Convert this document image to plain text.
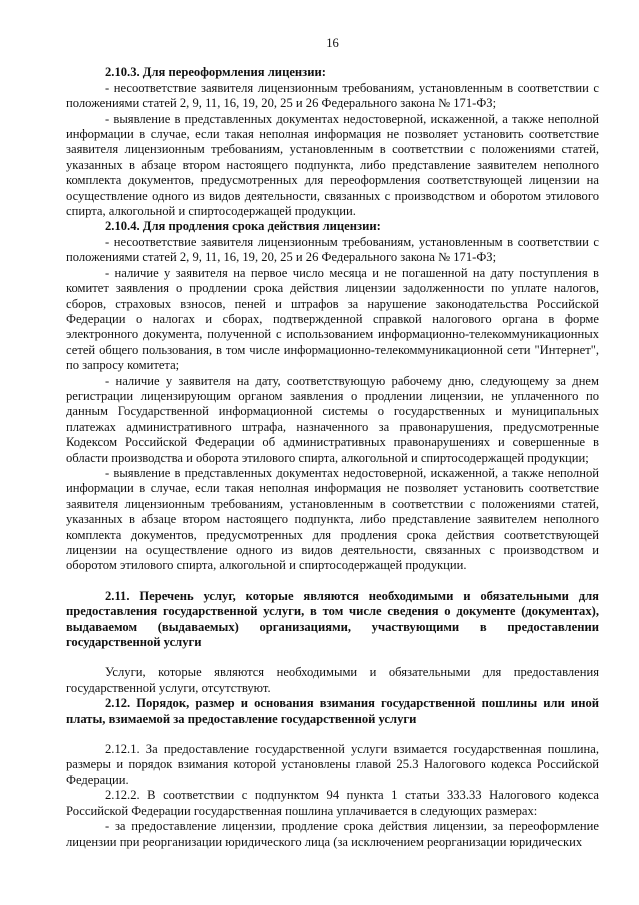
16

2.10.3. Для переоформления лицензии:

- несоответствие заявителя лицензионным требованиям, установленным в соответствии с положениями статей 2, 9, 11, 16, 19, 20, 25 и 26 Федерального закона № 171-ФЗ;

- выявление в представленных документах недостоверной, искаженной, а также неполной информации в случае, если такая неполная информация не позволяет установить соответствие заявителя лицензионным требованиям, установленным в соответствии с положениями статей, указанных в абзаце втором настоящего подпункта, либо представление заявителем неполного комплекта документов, предусмотренных для переоформления соответствующей лицензии на осуществление одного из видов деятельности, связанных с производством и оборотом этилового спирта, алкогольной и спиртосодержащей продукции.

2.10.4. Для продления срока действия лицензии:

- несоответствие заявителя лицензионным требованиям, установленным в соответствии с положениями статей 2, 9, 11, 16, 19, 20, 25 и 26 Федерального закона № 171-ФЗ;

- наличие у заявителя на первое число месяца и не погашенной на дату поступления в комитет заявления о продлении срока действия лицензии задолженности по уплате налогов, сборов, страховых взносов, пеней и штрафов за нарушение законодательства Российской Федерации о налогах и сборах, подтвержденной справкой налогового органа в форме электронного документа, полученной с использованием информационно-телекоммуникационных сетей общего пользования, в том числе информационно-телекоммуникационной сети "Интернет", по запросу комитета;

- наличие у заявителя на дату, соответствующую рабочему дню, следующему за днем регистрации лицензирующим органом заявления о продлении лицензии, не уплаченного по данным Государственной информационной системы о государственных и муниципальных платежах административного штрафа, назначенного за правонарушения, предусмотренные Кодексом Российской Федерации об административных правонарушениях и совершенные в области производства и оборота этилового спирта, алкогольной и спиртосодержащей продукции;

- выявление в представленных документах недостоверной, искаженной, а также неполной информации в случае, если такая неполная информация не позволяет установить соответствие заявителя лицензионным требованиям, установленным в соответствии с положениями статей, указанных в абзаце втором настоящего подпункта, либо представление заявителем неполного комплекта документов, предусмотренных для продления срока действия соответствующей лицензии на осуществление одного из видов деятельности, связанных с производством и оборотом этилового спирта, алкогольной и спиртосодержащей продукции.

2.11. Перечень услуг, которые являются необходимыми и обязательными для предоставления государственной услуги, в том числе сведения о документе (документах), выдаваемом (выдаваемых) организациями, участвующими в предоставлении государственной услуги

Услуги, которые являются необходимыми и обязательными для предоставления государственной услуги, отсутствуют.

2.12. Порядок, размер и основания взимания государственной пошлины или иной платы, взимаемой за предоставление государственной услуги

2.12.1. За предоставление государственной услуги взимается государственная пошлина, размеры и порядок взимания которой установлены главой 25.3 Налогового кодекса Российской Федерации.

2.12.2. В соответствии с подпунктом 94 пункта 1 статьи 333.33 Налогового кодекса Российской Федерации государственная пошлина уплачивается в следующих размерах:

- за предоставление лицензии, продление срока действия лицензии, за переоформление лицензии при реорганизации юридического лица (за исключением реорганизации юридических
